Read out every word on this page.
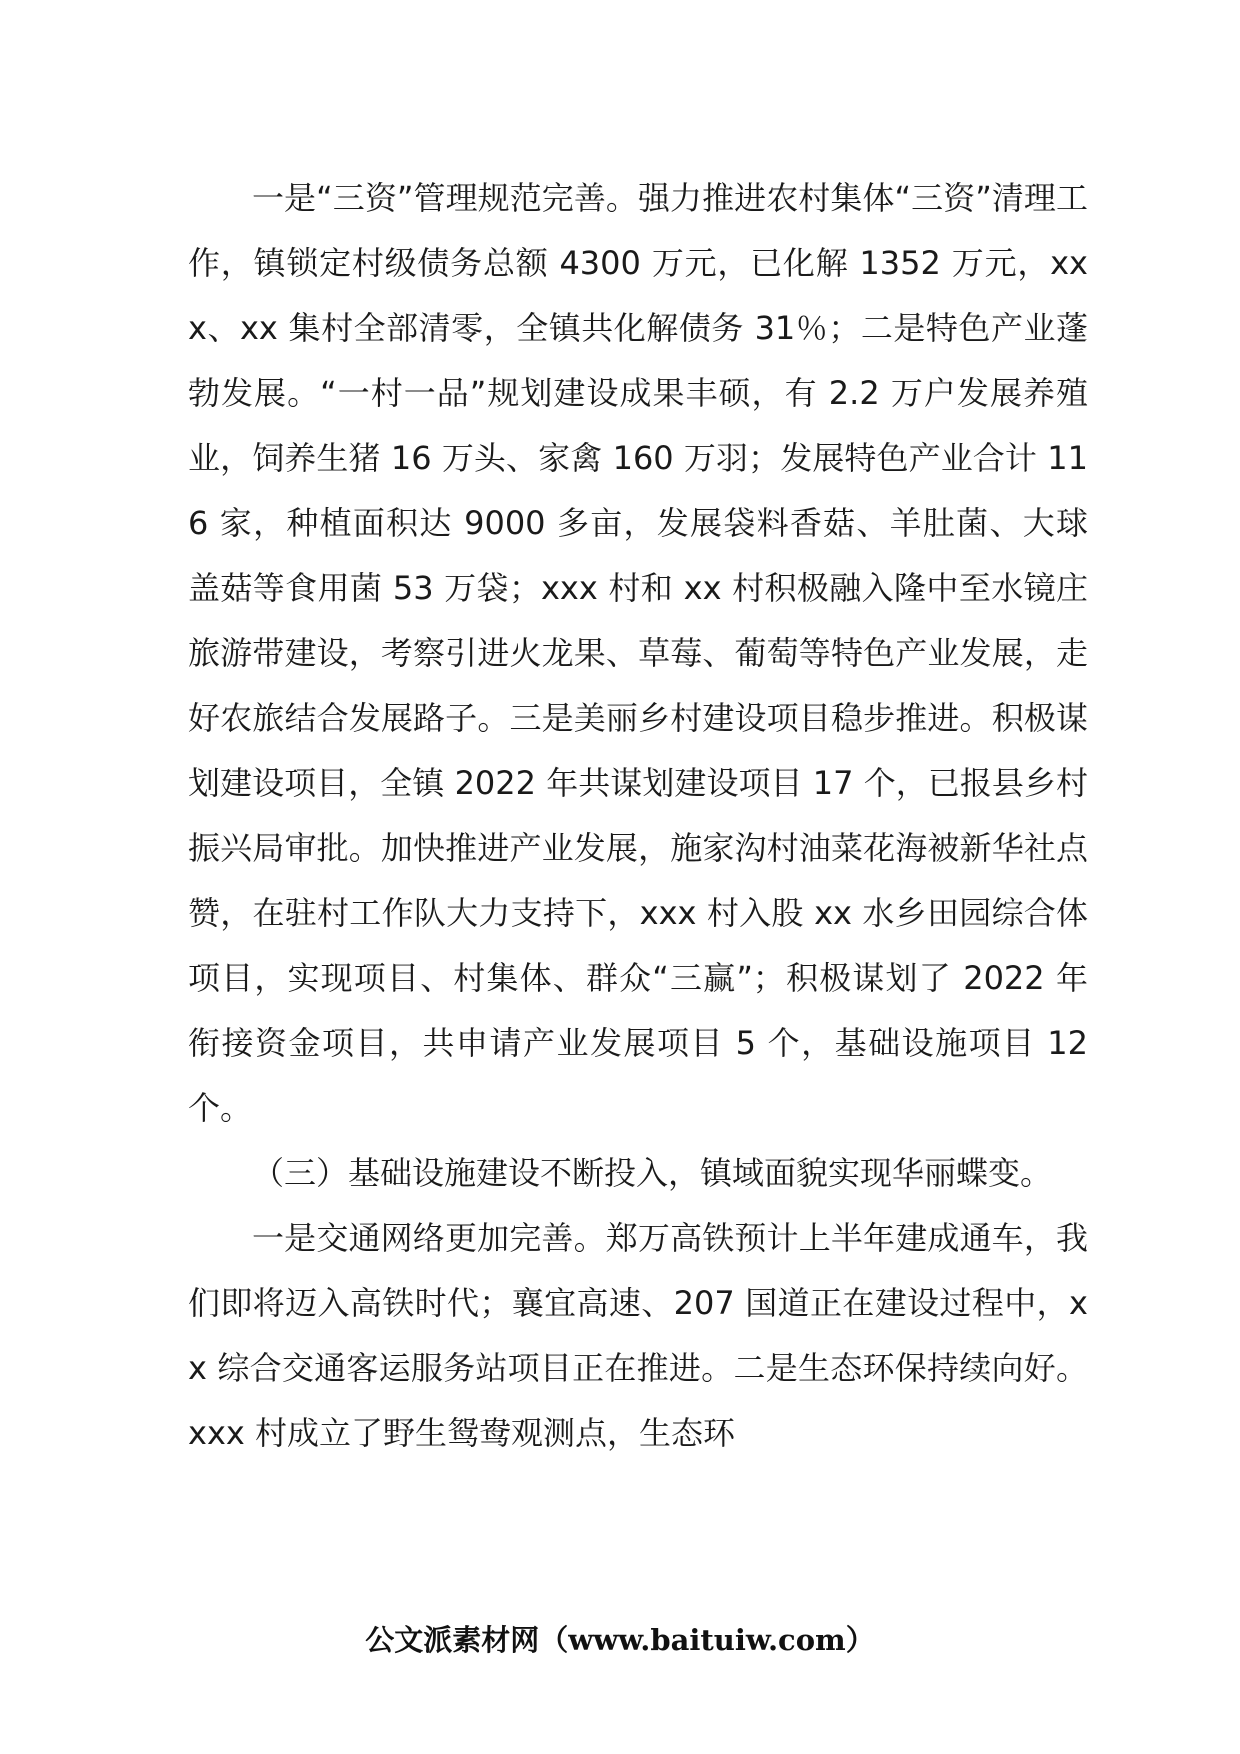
一是“三资”管理规范完善。强力推进农村集体“三资”清理工作，镇锁定村级债务总额 4300 万元，已化解 1352 万元，xxx、xx 集村全部清零，全镇共化解债务 31％；二是特色产业蓬勃发展。“一村一品”规划建设成果丰硕，有 2.2 万户发展养殖业，饲养生猪 16 万头、家禽 160 万羽；发展特色产业合计 116 家，种植面积达 9000 多亩，发展袋料香菇、羊肚菌、大球盖菇等食用菌 53 万袋；xxx 村和 xx 村积极融入隆中至水镜庄旅游带建设，考察引进火龙果、草莓、葡萄等特色产业发展，走好农旅结合发展路子。三是美丽乡村建设项目稳步推进。积极谋划建设项目，全镇 2022 年共谋划建设项目 17 个，已报县乡村振兴局审批。加快推进产业发展，施家沟村油菜花海被新华社点赞，在驻村工作队大力支持下，xxx 村入股 xx 水乡田园综合体项目，实现项目、村集体、群众“三赢”；积极谋划了 2022 年衔接资金项目，共申请产业发展项目 5 个，基础设施项目 12 个。

（三）基础设施建设不断投入，镇域面貌实现华丽蝶变。

一是交通网络更加完善。郑万高铁预计上半年建成通车，我们即将迈入高铁时代；襄宜高速、207 国道正在建设过程中，xx 综合交通客运服务站项目正在推进。二是生态环保持续向好。xxx 村成立了野生鸳鸯观测点，生态环

公文派素材网（www.baituiw.com）
